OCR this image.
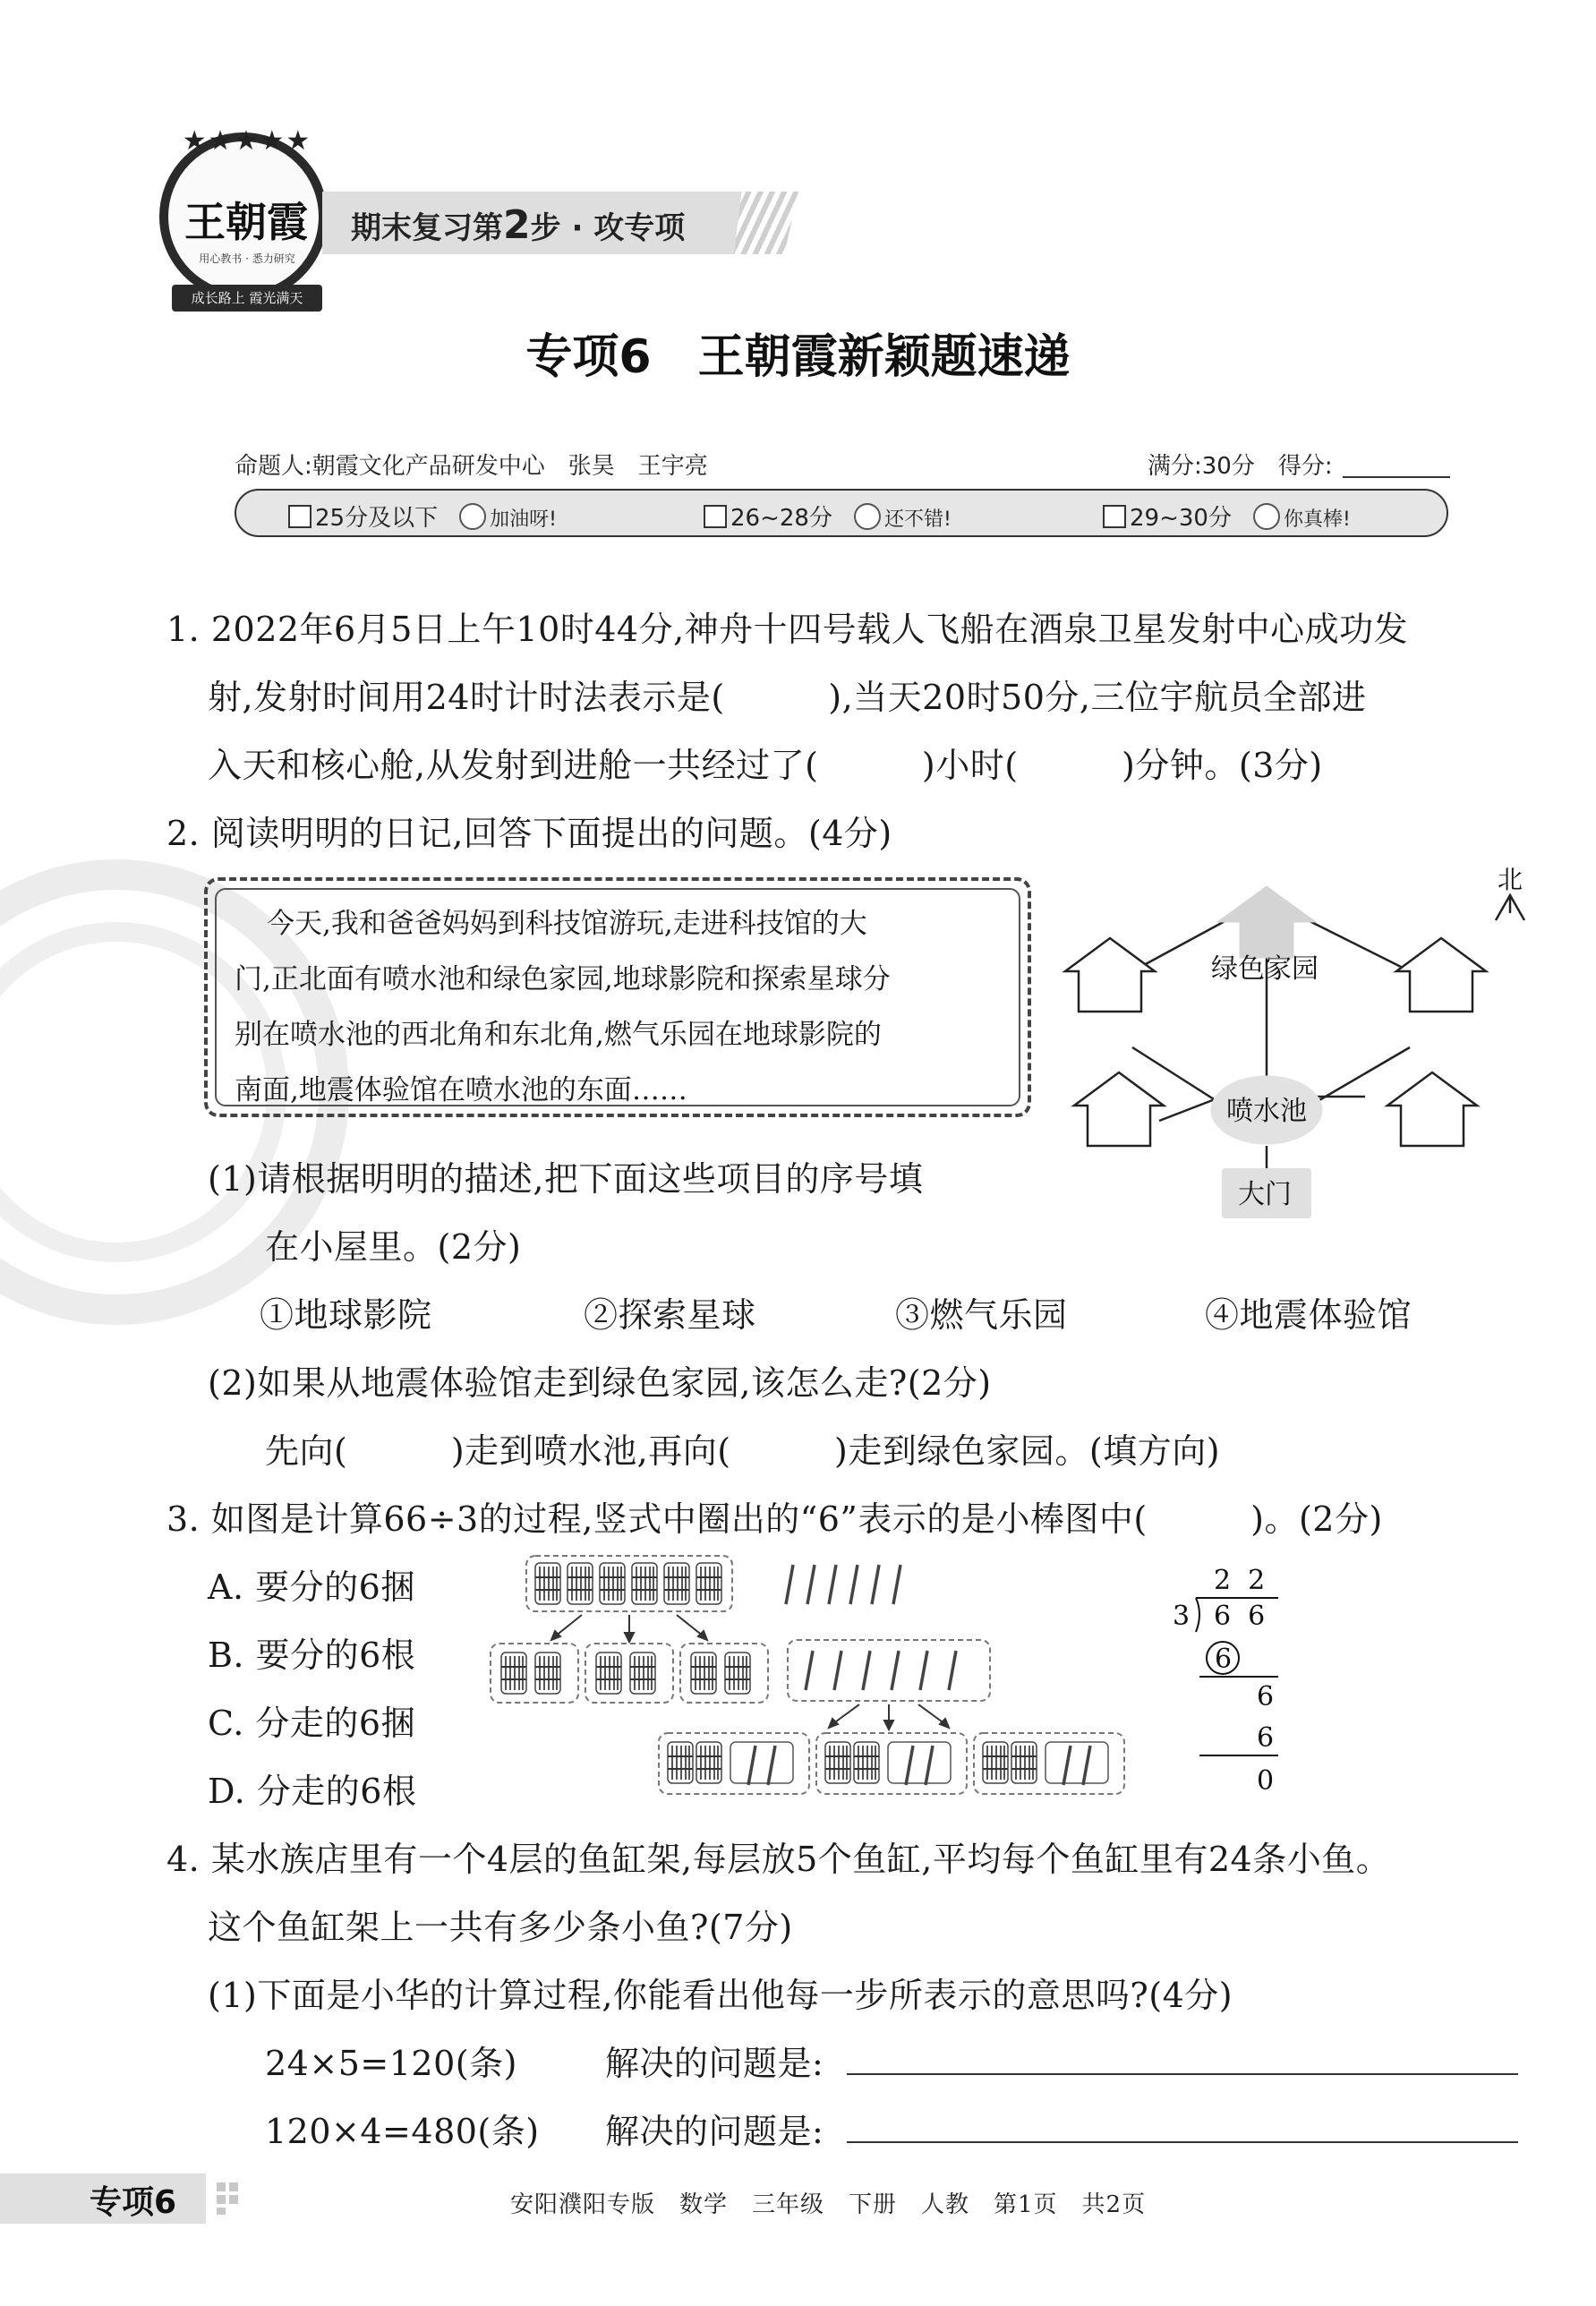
★★★★★
王朝霞
用心教书 · 悉力研究
成长路上 霞光满天
期末复习第2步 · 攻专项
专项6　王朝霞新颖题速递
命题人:朝霞文化产品研发中心　张昊　王宇亮	满分:30分　得分:
25分及以下	加油呀!	26~28分	还不错!	29~30分	你真棒!
1. 2022年6月5日上午10时44分,神舟十四号载人飞船在酒泉卫星发射中心成功发
射,发射时间用24时计时法表示是(　　　),当天20时50分,三位宇航员全部进
入天和核心舱,从发射到进舱一共经过了(　　　)小时(　　　)分钟。(3分)
2. 阅读明明的日记,回答下面提出的问题。(4分)
今天,我和爸爸妈妈到科技馆游玩,走进科技馆的大
门,正北面有喷水池和绿色家园,地球影院和探索星球分
别在喷水池的西北角和东北角,燃气乐园在地球影院的
南面,地震体验馆在喷水池的东面……
北
绿色家园
喷水池
大门
(1)请根据明明的描述,把下面这些项目的序号填
在小屋里。(2分)
①地球影院	②探索星球	③燃气乐园	④地震体验馆
(2)如果从地震体验馆走到绿色家园,该怎么走?(2分)
先向(　　　)走到喷水池,再向(　　　)走到绿色家园。(填方向)
3. 如图是计算66÷3的过程,竖式中圈出的“6”表示的是小棒图中(　　　)。(2分)
A. 要分的6捆
B. 要分的6根
C. 分走的6捆
D. 分走的6根
2  2
3 6  6
6
6
6
0
4. 某水族店里有一个4层的鱼缸架,每层放5个鱼缸,平均每个鱼缸里有24条小鱼。
这个鱼缸架上一共有多少条小鱼?(7分)
(1)下面是小华的计算过程,你能看出他每一步所表示的意思吗?(4分)
24×5=120(条)	解决的问题是:
120×4=480(条) 解决的问题是:
专项6	安阳濮阳专版　数学　三年级　下册　人教　第1页　共2页
